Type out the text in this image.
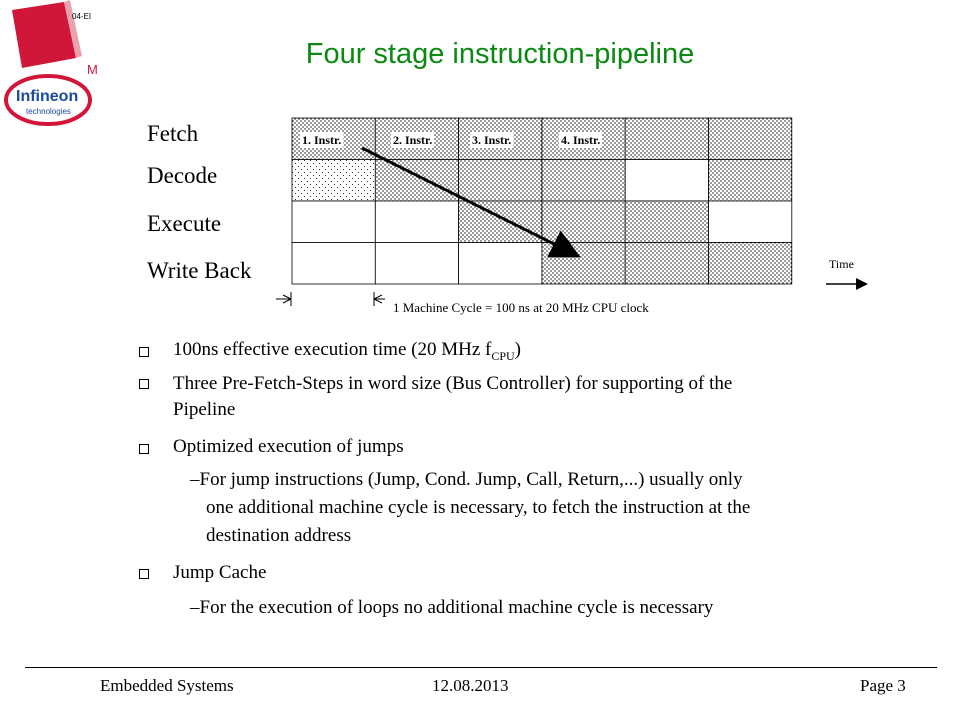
04-EI
M
Infineon
technologies
Four stage instruction-pipeline
Fetch
Decode
Execute
Write Back
1. Instr.	2. Instr.	3. Instr.	4. Instr.
Time
1 Machine Cycle = 100 ns at 20 MHz CPU clock
100ns effective execution time (20 MHz $f_{CPU}$)
Three Pre-Fetch-Steps in word size (Bus Controller) for supporting of the
Pipeline
Optimized execution of jumps
–For jump instructions (Jump, Cond. Jump, Call, Return,...) usually only
one additional machine cycle is necessary, to fetch the instruction at the
destination address
Jump Cache
–For the execution of loops no additional machine cycle is necessary
Embedded Systems	12.08.2013	Page 3
